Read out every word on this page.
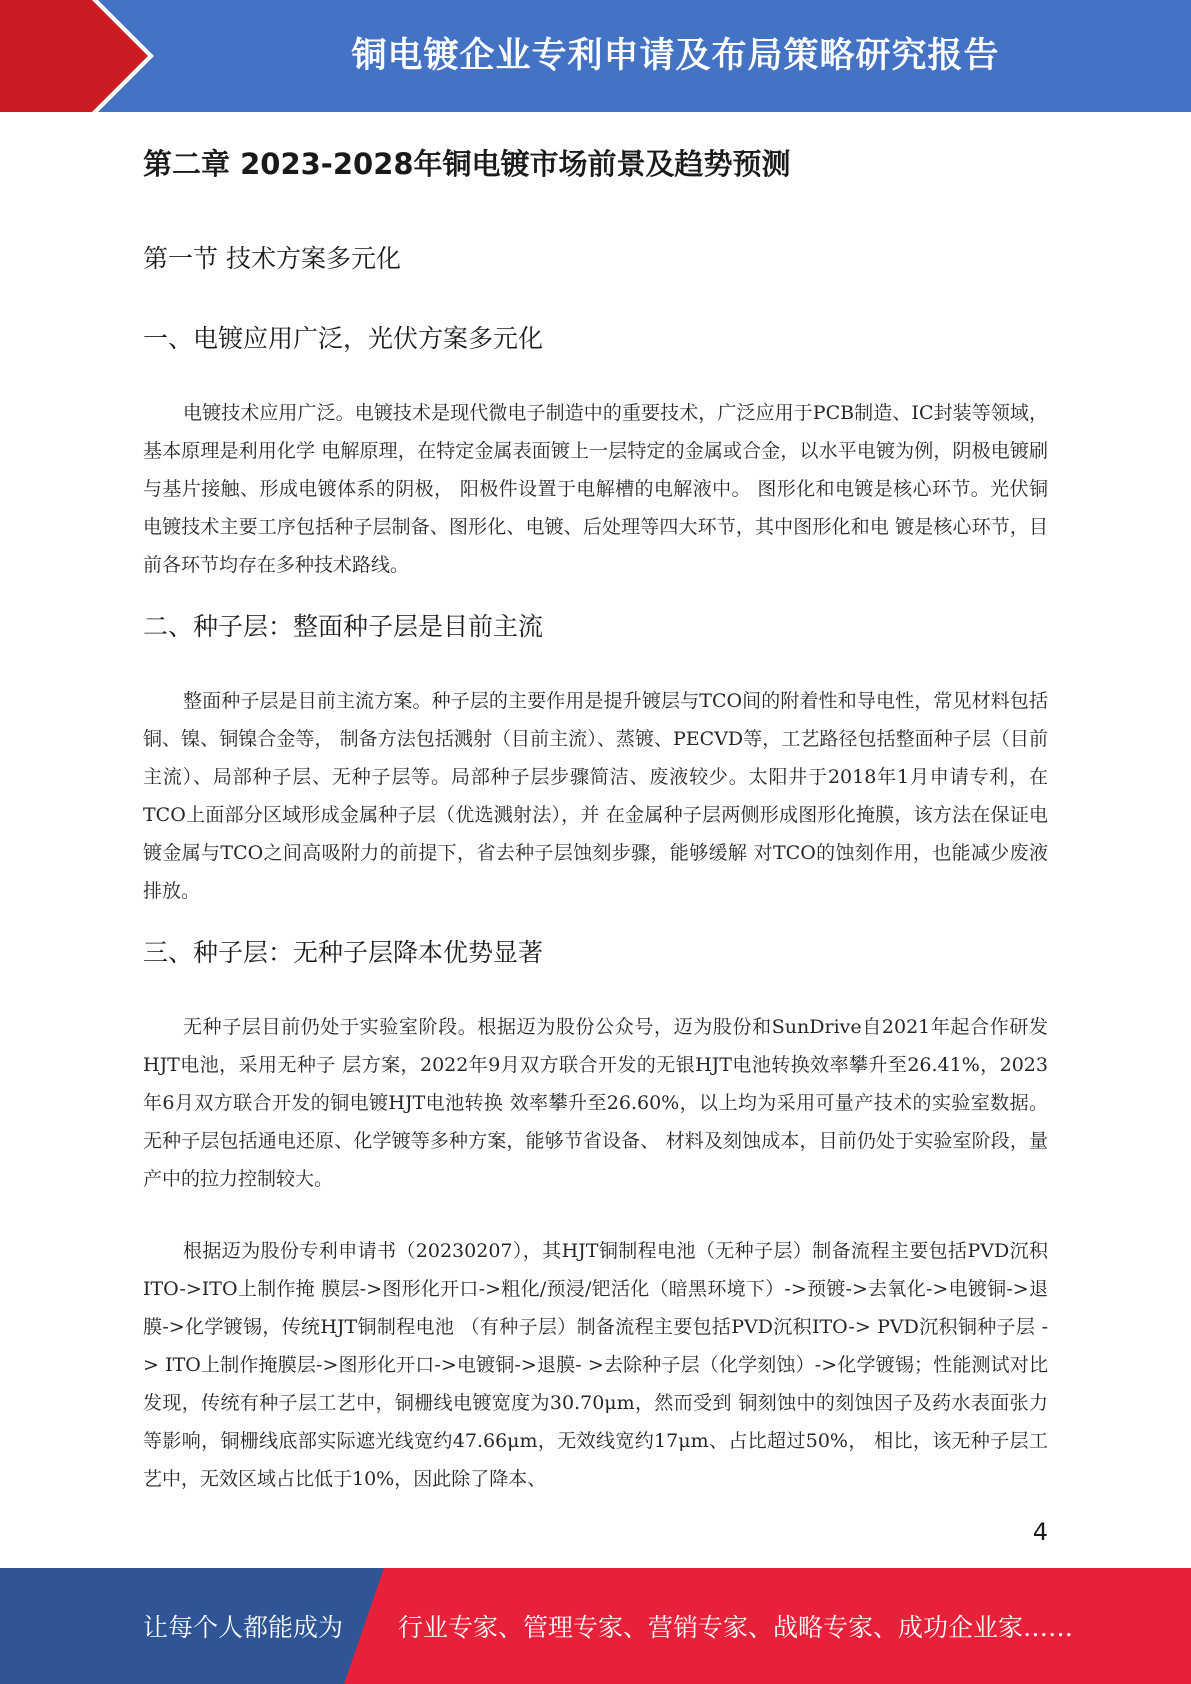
铜电镀企业专利申请及布局策略研究报告
第二章 2023-2028年铜电镀市场前景及趋势预测
第一节 技术方案多元化
一、电镀应用广泛，光伏方案多元化

电镀技术应用广泛。电镀技术是现代微电子制造中的重要技术，广泛应用于PCB制造、IC封装等领域，基本原理是利用化学 电解原理，在特定金属表面镀上一层特定的金属或合金，以水平电镀为例，阴极电镀刷与基片接触、形成电镀体系的阴极， 阳极件设置于电解槽的电解液中。 图形化和电镀是核心环节。光伏铜电镀技术主要工序包括种子层制备、图形化、电镀、后处理等四大环节，其中图形化和电 镀是核心环节，目前各环节均存在多种技术路线。

二、种子层：整面种子层是目前主流

整面种子层是目前主流方案。种子层的主要作用是提升镀层与TCO间的附着性和导电性，常见材料包括铜、镍、铜镍合金等， 制备方法包括溅射（目前主流）、蒸镀、PECVD等，工艺路径包括整面种子层（目前主流）、局部种子层、无种子层等。局部种子层步骤简洁、废液较少。太阳井于2018年1月申请专利，在TCO上面部分区域形成金属种子层（优选溅射法），并 在金属种子层两侧形成图形化掩膜，该方法在保证电镀金属与TCO之间高吸附力的前提下，省去种子层蚀刻步骤，能够缓解 对TCO的蚀刻作用，也能减少废液排放。

三、种子层：无种子层降本优势显著

无种子层目前仍处于实验室阶段。根据迈为股份公众号，迈为股份和SunDrive自2021年起合作研发HJT电池，采用无种子 层方案，2022年9月双方联合开发的无银HJT电池转换效率攀升至26.41%，2023年6月双方联合开发的铜电镀HJT电池转换 效率攀升至26.60%，以上均为采用可量产技术的实验室数据。无种子层包括通电还原、化学镀等多种方案，能够节省设备、 材料及刻蚀成本，目前仍处于实验室阶段，量产中的拉力控制较大。

根据迈为股份专利申请书（20230207），其HJT铜制程电池（无种子层）制备流程主要包括PVD沉积ITO->ITO上制作掩 膜层->图形化开口->粗化/预浸/钯活化（暗黑环境下）->预镀->去氧化->电镀铜->退膜->化学镀锡，传统HJT铜制程电池 （有种子层）制备流程主要包括PVD沉积ITO-> PVD沉积铜种子层 -> ITO上制作掩膜层->图形化开口->电镀铜->退膜- >去除种子层（化学刻蚀）->化学镀锡；性能测试对比发现，传统有种子层工艺中，铜栅线电镀宽度为30.70μm，然而受到 铜刻蚀中的刻蚀因子及药水表面张力等影响，铜栅线底部实际遮光线宽约47.66μm，无效线宽约17μm、占比超过50%， 相比，该无种子层工艺中，无效区域占比低于10%，因此除了降本、

4
让每个人都能成为 行业专家、管理专家、营销专家、战略专家、成功企业家……
